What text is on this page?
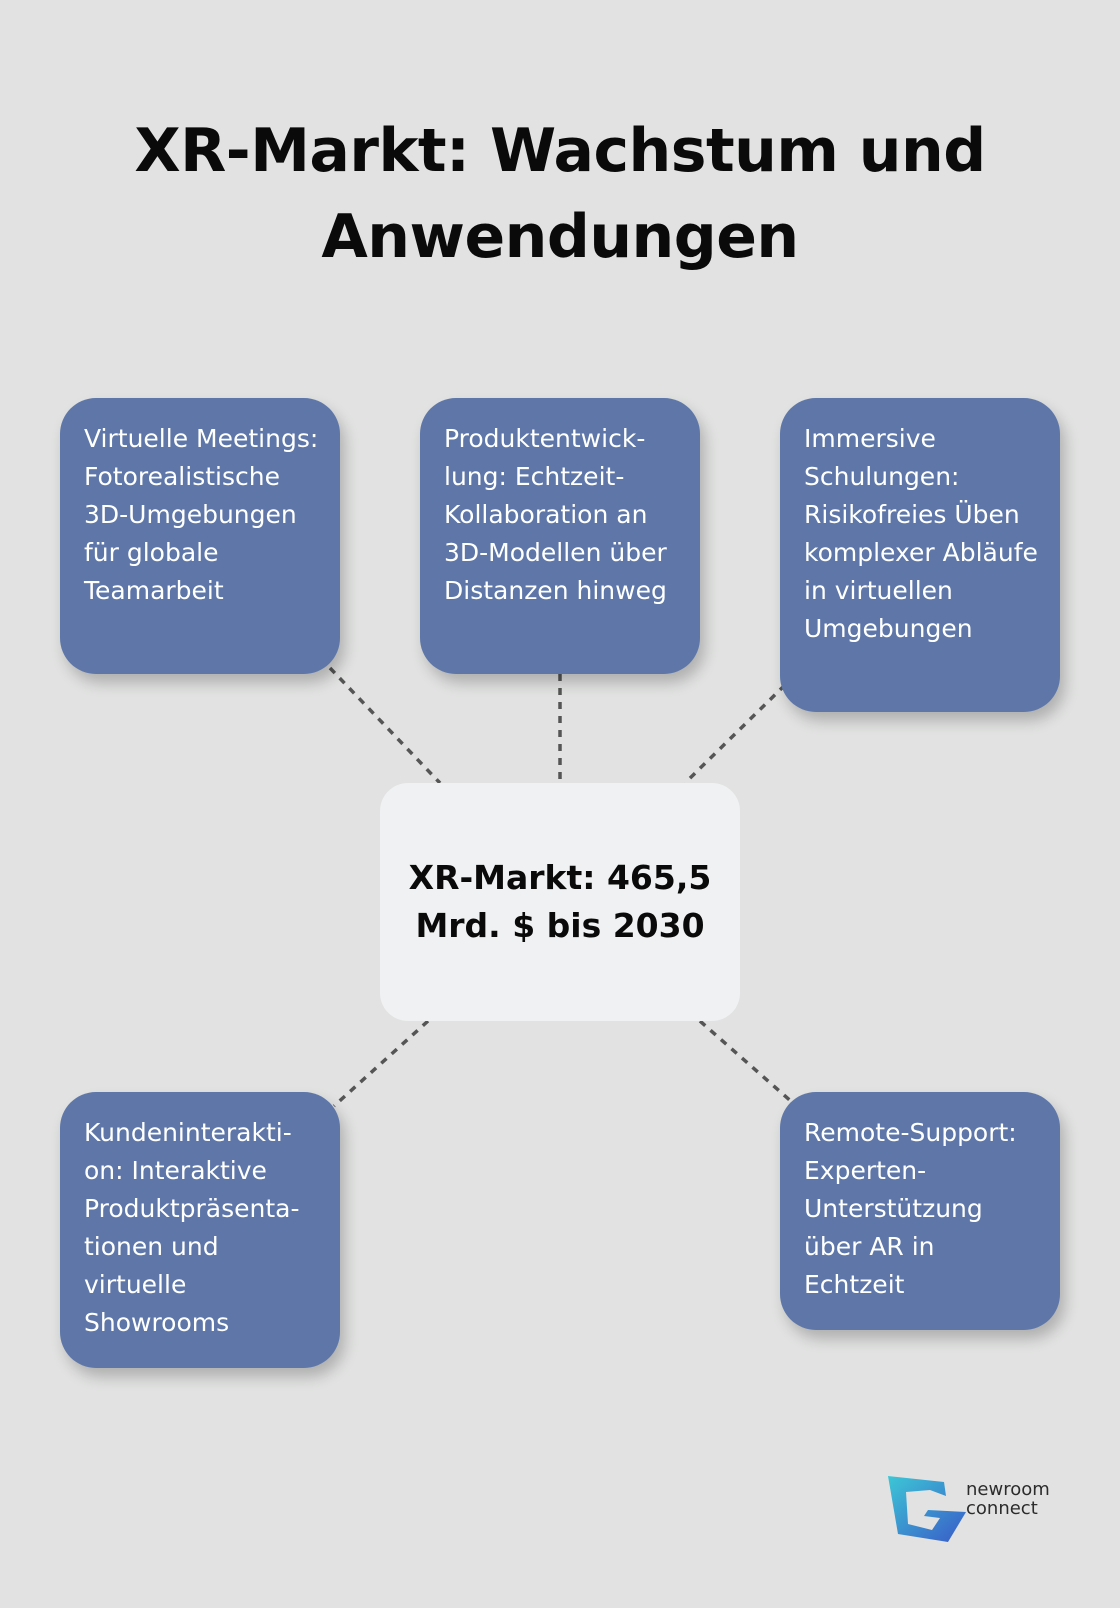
XR-Markt: Wachstum und Anwendungen
Virtuelle Meetings: Fotorealistische 3D-Umgebungen für globale Teamarbeit
Produktentwicklung: Echtzeit-Kollaboration an 3D-Modellen über Distanzen hinweg
Immersive Schulungen: Risikofreies Üben komplexer Abläufe in virtuellen Umgebungen
XR-Markt: 465,5 Mrd. $ bis 2030
Kundeninteraktion: Interaktive Produktpräsentationen und virtuelle Showrooms
Remote-Support: Experten-Unterstützung über AR in Echtzeit
newroom
connect
